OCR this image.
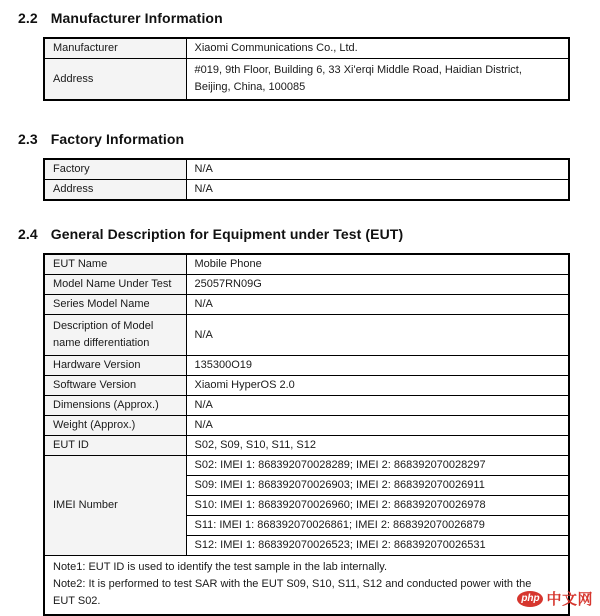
2.2 Manufacturer Information
Manufacturer	Xiaomi Communications Co., Ltd.
Address	#019, 9th Floor, Building 6, 33 Xi'erqi Middle Road, Haidian District, Beijing, China, 100085
2.3 Factory Information
Factory	N/A
Address	N/A
2.4 General Description for Equipment under Test (EUT)
EUT Name	Mobile Phone
Model Name Under Test	25057RN09G
Series Model Name	N/A
Description of Model name differentiation	N/A
Hardware Version	135300O19
Software Version	Xiaomi HyperOS 2.0
Dimensions (Approx.)	N/A
Weight (Approx.)	N/A
EUT ID	S02, S09, S10, S11, S12
IMEI Number	S02: IMEI 1: 868392070028289; IMEI 2: 868392070028297
	S09: IMEI 1: 868392070026903; IMEI 2: 868392070026911
	S10: IMEI 1: 868392070026960; IMEI 2: 868392070026978
	S11: IMEI 1: 868392070026861; IMEI 2: 868392070026879
	S12: IMEI 1: 868392070026523; IMEI 2: 868392070026531

Note1: EUT ID is used to identify the test sample in the lab internally.
Note2: It is performed to test SAR with the EUT S09, S10, S11, S12 and conducted power with the EUT S02.		php 中文网
